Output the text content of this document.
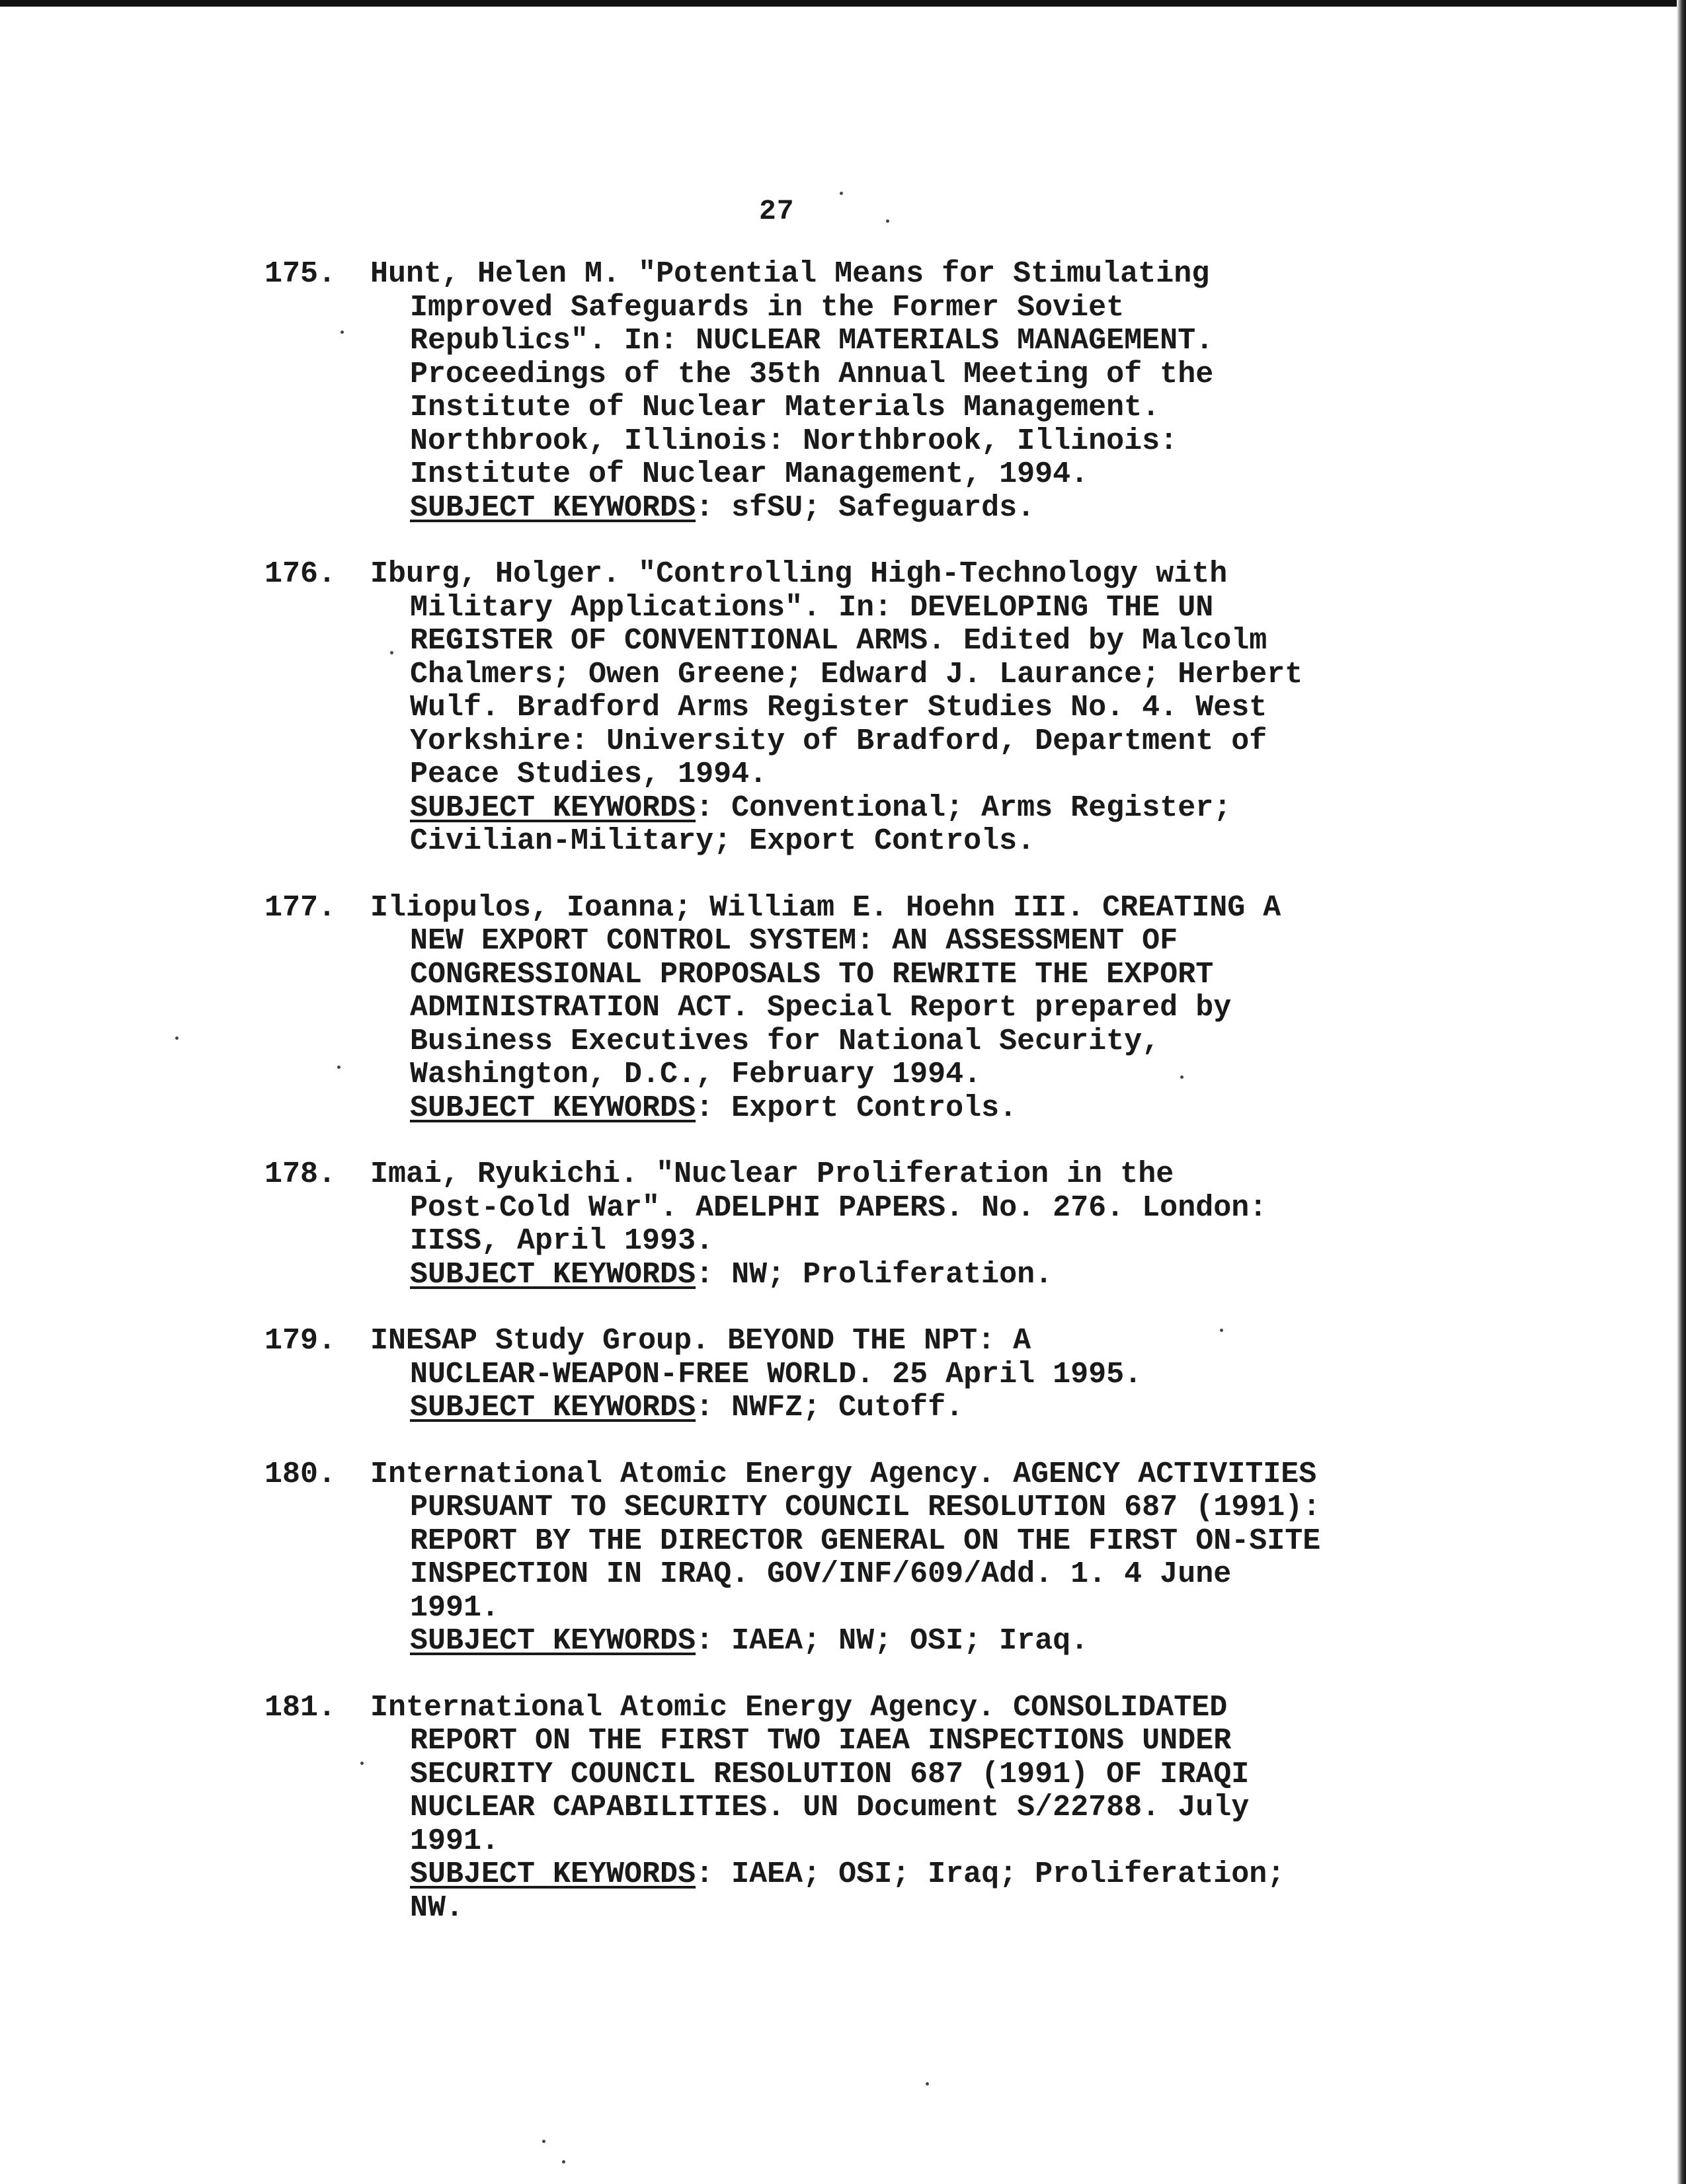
27
175.	Hunt, Helen M. "Potential Means for Stimulating
Improved Safeguards in the Former Soviet
Republics". In: NUCLEAR MATERIALS MANAGEMENT.
Proceedings of the 35th Annual Meeting of the
Institute of Nuclear Materials Management.
Northbrook, Illinois: Northbrook, Illinois:
Institute of Nuclear Management, 1994.
SUBJECT KEYWORDS: sfSU; Safeguards.
176.	Iburg, Holger. "Controlling High-Technology with
Military Applications". In: DEVELOPING THE UN
REGISTER OF CONVENTIONAL ARMS. Edited by Malcolm
Chalmers; Owen Greene; Edward J. Laurance; Herbert
Wulf. Bradford Arms Register Studies No. 4. West
Yorkshire: University of Bradford, Department of
Peace Studies, 1994.
SUBJECT KEYWORDS: Conventional; Arms Register;
Civilian-Military; Export Controls.
177.	Iliopulos, Ioanna; William E. Hoehn III. CREATING A
NEW EXPORT CONTROL SYSTEM: AN ASSESSMENT OF
CONGRESSIONAL PROPOSALS TO REWRITE THE EXPORT
ADMINISTRATION ACT. Special Report prepared by
Business Executives for National Security,
Washington, D.C., February 1994.
SUBJECT KEYWORDS: Export Controls.
178.	Imai, Ryukichi. "Nuclear Proliferation in the
Post-Cold War". ADELPHI PAPERS. No. 276. London:
IISS, April 1993.
SUBJECT KEYWORDS: NW; Proliferation.
179.	INESAP Study Group. BEYOND THE NPT: A
NUCLEAR-WEAPON-FREE WORLD. 25 April 1995.
SUBJECT KEYWORDS: NWFZ; Cutoff.
180.	International Atomic Energy Agency. AGENCY ACTIVITIES
PURSUANT TO SECURITY COUNCIL RESOLUTION 687 (1991):
REPORT BY THE DIRECTOR GENERAL ON THE FIRST ON-SITE
INSPECTION IN IRAQ. GOV/INF/609/Add. 1. 4 June
1991.
SUBJECT KEYWORDS: IAEA; NW; OSI; Iraq.
181.	International Atomic Energy Agency. CONSOLIDATED
REPORT ON THE FIRST TWO IAEA INSPECTIONS UNDER
SECURITY COUNCIL RESOLUTION 687 (1991) OF IRAQI
NUCLEAR CAPABILITIES. UN Document S/22788. July
1991.
SUBJECT KEYWORDS: IAEA; OSI; Iraq; Proliferation;
NW.
